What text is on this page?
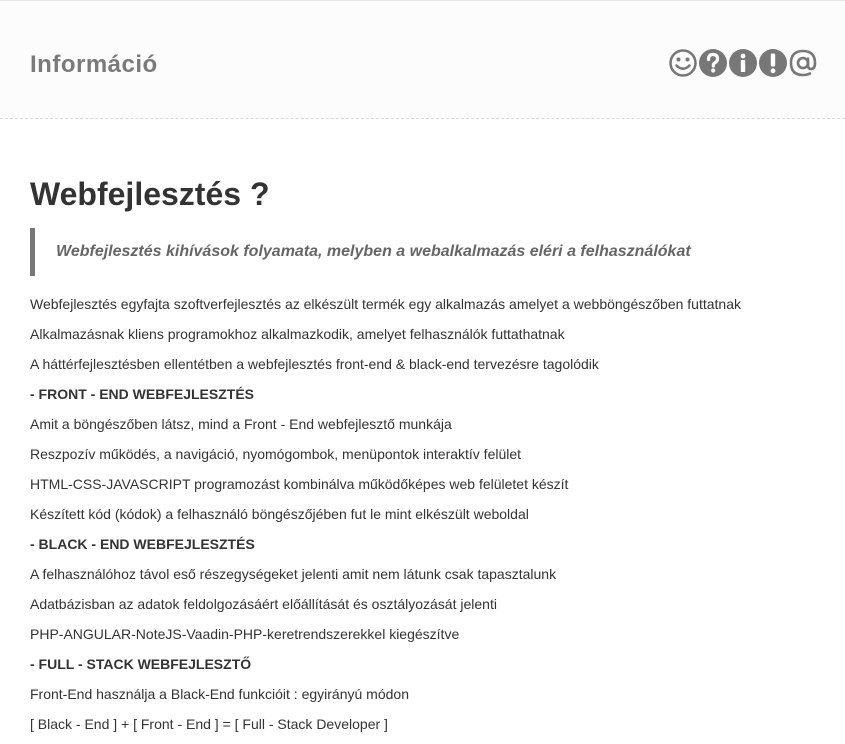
Információ
Webfejlesztés ?
Webfejlesztés kihívások folyamata, melyben a webalkalmazás eléri a felhasználókat
Webfejlesztés egyfajta szoftverfejlesztés az elkészült termék egy alkalmazás amelyet a webböngészőben futtatnak
Alkalmazásnak kliens programokhoz alkalmazkodik, amelyet felhasználók futtathatnak
A háttérfejlesztésben ellentétben a webfejlesztés front-end & black-end tervezésre tagolódik
- FRONT - END WEBFEJLESZTÉS
Amit a böngészőben látsz, mind a Front - End webfejlesztő munkája
Reszpozív működés, a navigáció, nyomógombok, menüpontok interaktív felület
HTML-CSS-JAVASCRIPT programozást kombinálva működőképes web felületet készít
Készített kód (kódok) a felhasználó böngészőjében fut le mint elkészült weboldal
- BLACK - END WEBFEJLESZTÉS
A felhasználóhoz távol eső részegységeket jelenti amit nem látunk csak tapasztalunk
Adatbázisban az adatok feldolgozásáért előállítását és osztályozását jelenti
PHP-ANGULAR-NoteJS-Vaadin-PHP-keretrendszerekkel kiegészítve
- FULL - STACK WEBFEJLESZTŐ
Front-End használja a Black-End funkcióit : egyirányú módon
[ Black - End ] + [ Front - End ] = [ Full - Stack Developer ]
